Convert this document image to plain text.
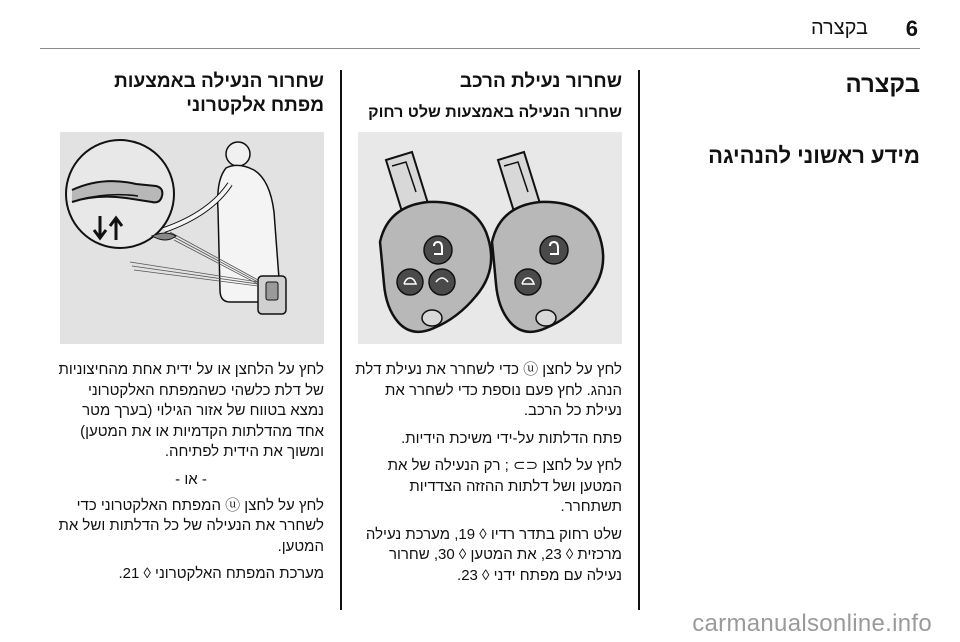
6
בקצרה
בקצרה
מידע ראשוני להנהיגה
שחרור נעילת הרכב
שחרור הנעילה באמצעות שלט רחוק

לחץ על לחצן ⓤ כדי לשחרר את נעילת דלת הנהג. לחץ פעם נוספת כדי לשחרר את נעילת כל הרכב.

פתח הדלתות על-ידי משיכת הידיות.

לחץ על לחצן ⊂⊃ ; רק הנעילה של את המטען ושל דלתות ההזזה הצדדיות תשתחרר.

שלט רחוק בתדר רדיו ◊ 19, מערכת נעילה מרכזית ◊ 23, את המטען ◊ 30, שחרור נעילה עם מפתח ידני ◊ 23.

שחרור הנעילה באמצעות מפתח אלקטרוני

לחץ על הלחצן או על ידית אחת מהחיצוניות של דלת כלשהי כשהמפתח האלקטרוני נמצא בטווח של אזור הגילוי (בערך מטר אחד מהדלתות הקדמיות או את המטען) ומשוך את הידית לפתיחה.

- או -

לחץ על לחצן ⓤ המפתח האלקטרוני כדי לשחרר את הנעילה של כל הדלתות ושל את המטען.

מערכת המפתח האלקטרוני ◊ 21.

carmanualsonline.info
